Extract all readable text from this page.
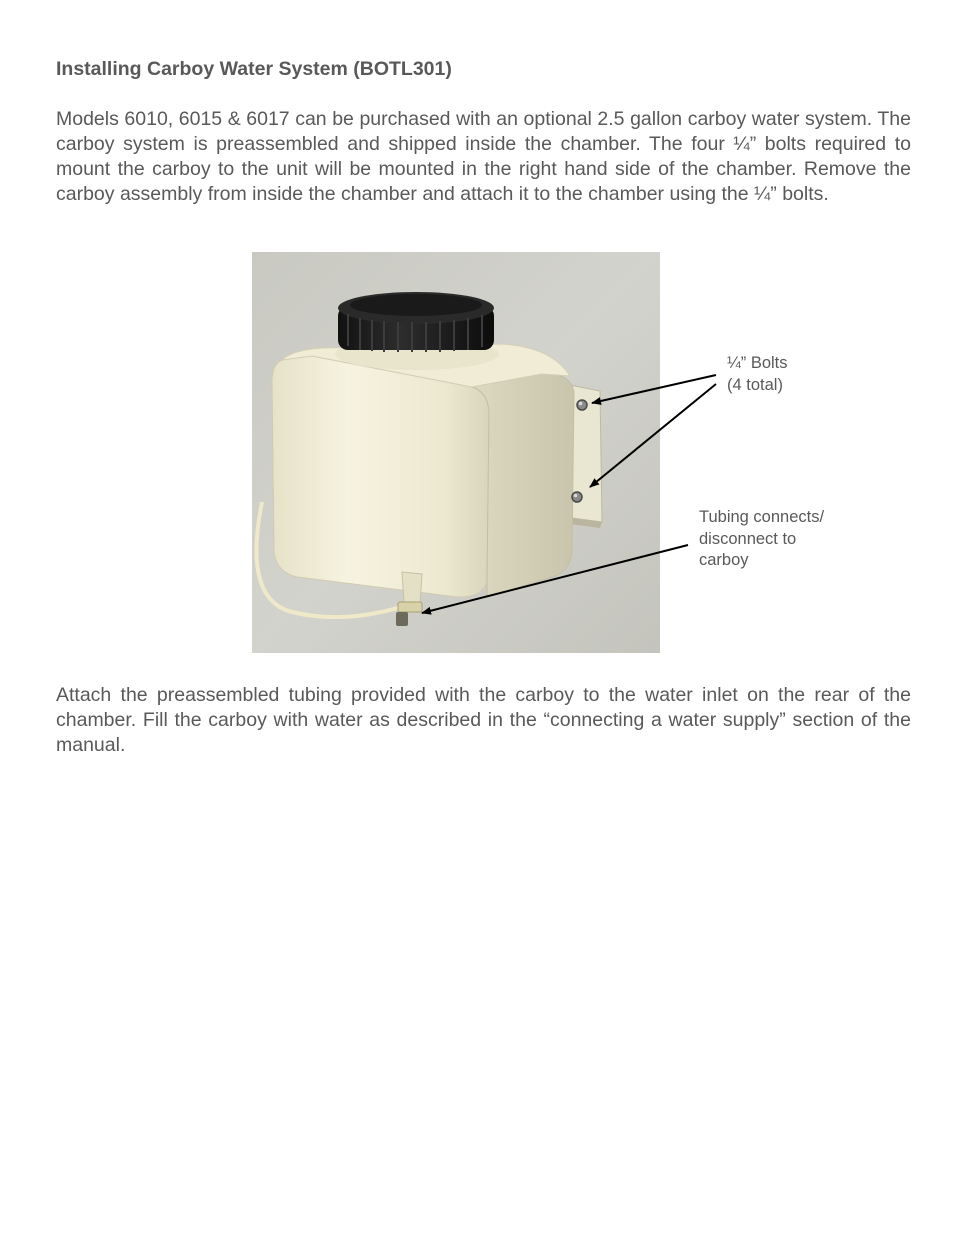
Installing Carboy Water System (BOTL301)

Models 6010, 6015 & 6017 can be purchased with an optional 2.5 gallon carboy water system. The carboy system is preassembled and shipped inside the chamber. The four ¼” bolts required to mount the carboy to the unit will be mounted in the right hand side of the chamber. Remove the carboy assembly from inside the chamber and attach it to the chamber using the ¼” bolts.

¼” Bolts
(4 total)
Tubing connects/
disconnect to
carboy

Attach the preassembled tubing provided with the carboy to the water inlet on the rear of the chamber. Fill the carboy with water as described in the “connecting a water supply” section of the manual.
